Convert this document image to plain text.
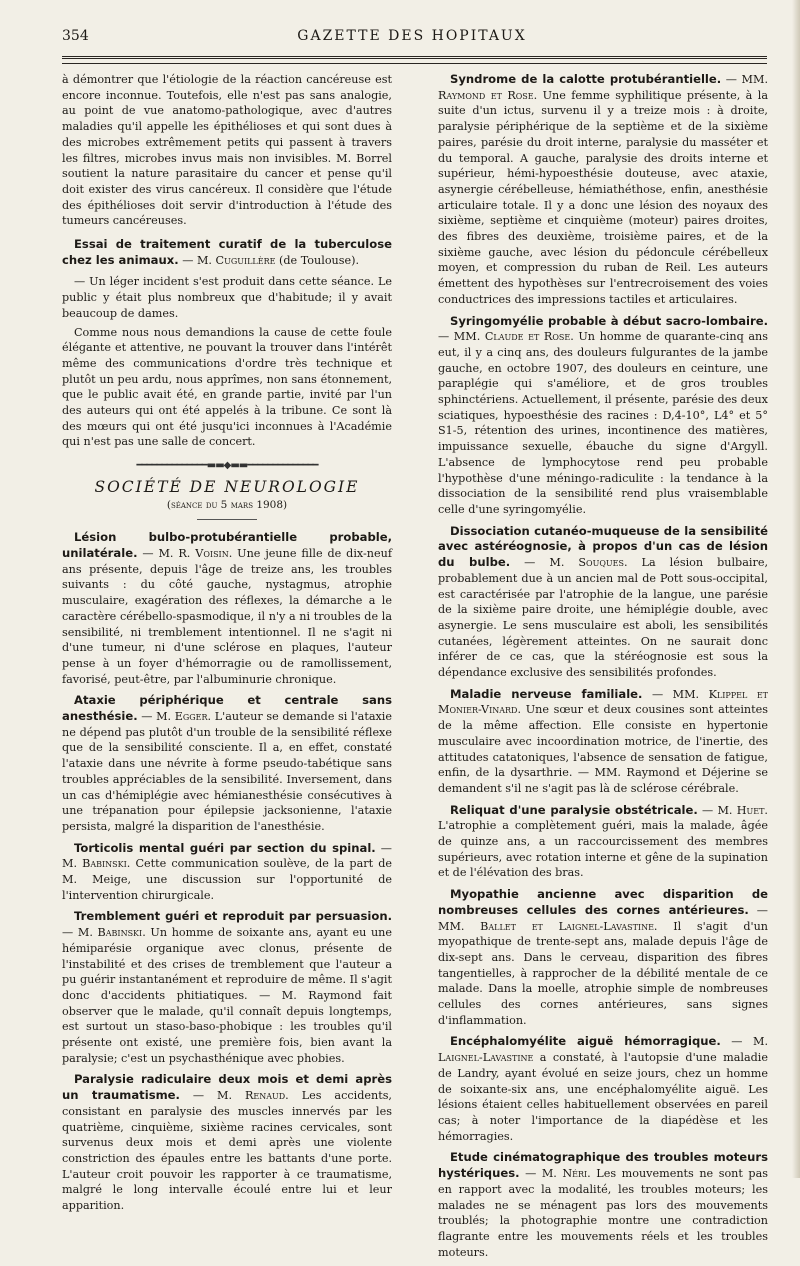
354	GAZETTE DES HOPITAUX

à démontrer que l'étiologie de la réaction cancéreuse est encore inconnue. Toutefois, elle n'est pas sans analogie, au point de vue anatomo-pathologique, avec d'autres maladies qu'il appelle les épithélioses et qui sont dues à des microbes extrêmement petits qui passent à travers les filtres, microbes invus mais non invisibles. M. Borrel soutient la nature parasitaire du cancer et pense qu'il doit exister des virus cancéreux. Il considère que l'étude des épithélioses doit servir d'introduction à l'étude des tumeurs cancéreuses.

Essai de traitement curatif de la tuberculose chez les animaux. — M. Cuguillère (de Toulouse).

— Un léger incident s'est produit dans cette séance. Le public y était plus nombreux que d'habitude; il y avait beaucoup de dames.

Comme nous nous demandions la cause de cette foule élégante et attentive, ne pouvant la trouver dans l'intérêt même des communications d'ordre très technique et plutôt un peu ardu, nous apprîmes, non sans étonnement, que le public avait été, en grande partie, invité par l'un des auteurs qui ont été appelés à la tribune. Ce sont là des mœurs qui ont été jusqu'ici inconnues à l'Académie qui n'est pas une salle de concert.

━━━━━━━━━━━━━━▬▬◆▬▬━━━━━━━━━━━━━━
SOCIÉTÉ DE NEUROLOGIE
(séance du 5 mars 1908)
Lésion bulbo-protubérantielle probable, unilatérale. — M. R. Voisin. Une jeune fille de dix-neuf ans présente, depuis l'âge de treize ans, les troubles suivants : du côté gauche, nystagmus, atrophie musculaire, exagération des réflexes, la démarche a le caractère cérébello-spasmodique, il n'y a ni troubles de la sensibilité, ni tremblement intentionnel. Il ne s'agit ni d'une tumeur, ni d'une sclérose en plaques, l'auteur pense à un foyer d'hémorragie ou de ramollissement, favorisé, peut-être, par l'albuminurie chronique.
Ataxie périphérique et centrale sans anesthésie. — M. Egger. L'auteur se demande si l'ataxie ne dépend pas plutôt d'un trouble de la sensibilité réflexe que de la sensibilité consciente. Il a, en effet, constaté l'ataxie dans une névrite à forme pseudo-tabétique sans troubles appréciables de la sensibilité. Inversement, dans un cas d'hémiplégie avec hémianesthésie consécutives à une trépanation pour épilepsie jacksonienne, l'ataxie persista, malgré la disparition de l'anesthésie.
Torticolis mental guéri par section du spinal. — M. Babinski. Cette communication soulève, de la part de M. Meige, une discussion sur l'opportunité de l'intervention chirurgicale.
Tremblement guéri et reproduit par persuasion. — M. Babinski. Un homme de soixante ans, ayant eu une hémiparésie organique avec clonus, présente de l'instabilité et des crises de tremblement que l'auteur a pu guérir instantanément et reproduire de même. Il s'agit donc d'accidents phitiatiques. — M. Raymond fait observer que le malade, qu'il connaît depuis longtemps, est surtout un staso-baso-phobique : les troubles qu'il présente ont existé, une première fois, bien avant la paralysie; c'est un psychasthénique avec phobies.
Paralysie radiculaire deux mois et demi après un traumatisme. — M. Renaud. Les accidents, consistant en paralysie des muscles innervés par les quatrième, cinquième, sixième racines cervicales, sont survenus deux mois et demi après une violente constriction des épaules entre les battants d'une porte. L'auteur croit pouvoir les rapporter à ce traumatisme, malgré le long intervalle écoulé entre lui et leur apparition.
Syndrome de la calotte protubérantielle. — MM. Raymond et Rose. Une femme syphilitique présente, à la suite d'un ictus, survenu il y a treize mois : à droite, paralysie périphérique de la septième et de la sixième paires, parésie du droit interne, paralysie du masséter et du temporal. A gauche, paralysie des droits interne et supérieur, hémi-hypoesthésie douteuse, avec ataxie, asynergie cérébelleuse, hémiathéthose, enfin, anesthésie articulaire totale. Il y a donc une lésion des noyaux des sixième, septième et cinquième (moteur) paires droites, des fibres des deuxième, troisième paires, et de la sixième gauche, avec lésion du pédoncule cérébelleux moyen, et compression du ruban de Reil. Les auteurs émettent des hypothèses sur l'entrecroisement des voies conductrices des impressions tactiles et articulaires.
Syringomyélie probable à début sacro-lombaire. — MM. Claude et Rose. Un homme de quarante-cinq ans eut, il y a cinq ans, des douleurs fulgurantes de la jambe gauche, en octobre 1907, des douleurs en ceinture, une paraplégie qui s'améliore, et de gros troubles sphinctériens. Actuellement, il présente, parésie des deux sciatiques, hypoesthésie des racines : D,4-10°, L4° et 5° S1-5, rétention des urines, incontinence des matières, impuissance sexuelle, ébauche du signe d'Argyll. L'absence de lymphocytose rend peu probable l'hypothèse d'une méningo-radiculite : la tendance à la dissociation de la sensibilité rend plus vraisemblable celle d'une syringomyélie.
Dissociation cutanéo-muqueuse de la sensibilité avec astéréognosie, à propos d'un cas de lésion du bulbe. — M. Souques. La lésion bulbaire, probablement due à un ancien mal de Pott sous-occipital, est caractérisée par l'atrophie de la langue, une parésie de la sixième paire droite, une hémiplégie double, avec asynergie. Le sens musculaire est aboli, les sensibilités cutanées, légèrement atteintes. On ne saurait donc inférer de ce cas, que la stéréognosie est sous la dépendance exclusive des sensibilités profondes.
Maladie nerveuse familiale. — MM. Klippel et Monier-Vinard. Une sœur et deux cousines sont atteintes de la même affection. Elle consiste en hypertonie musculaire avec incoordination motrice, de l'inertie, des attitudes catatoniques, l'absence de sensation de fatigue, enfin, de la dysarthrie. — MM. Raymond et Déjerine se demandent s'il ne s'agit pas là de sclérose cérébrale.
Reliquat d'une paralysie obstétricale. — M. Huet. L'atrophie a complètement guéri, mais la malade, âgée de quinze ans, a un raccourcissement des membres supérieurs, avec rotation interne et gêne de la supination et de l'élévation des bras.
Myopathie ancienne avec disparition de nombreuses cellules des cornes antérieures. — MM. Ballet et Laignel-Lavastine. Il s'agit d'un myopathique de trente-sept ans, malade depuis l'âge de dix-sept ans. Dans le cerveau, disparition des fibres tangentielles, à rapprocher de la débilité mentale de ce malade. Dans la moelle, atrophie simple de nombreuses cellules des cornes antérieures, sans signes d'inflammation.
Encéphalomyélite aiguë hémorragique. — M. Laignel-Lavastine a constaté, à l'autopsie d'une maladie de Landry, ayant évolué en seize jours, chez un homme de soixante-six ans, une encéphalomyélite aiguë. Les lésions étaient celles habituellement observées en pareil cas; à noter l'importance de la diapédèse et les hémorragies.
Etude cinématographique des troubles moteurs hystériques. — M. Néri. Les mouvements ne sont pas en rapport avec la modalité, les troubles moteurs; les malades ne se ménagent pas lors des mouvements troublés; la photographie montre une contradiction flagrante entre les mouvements réels et les troubles moteurs.
